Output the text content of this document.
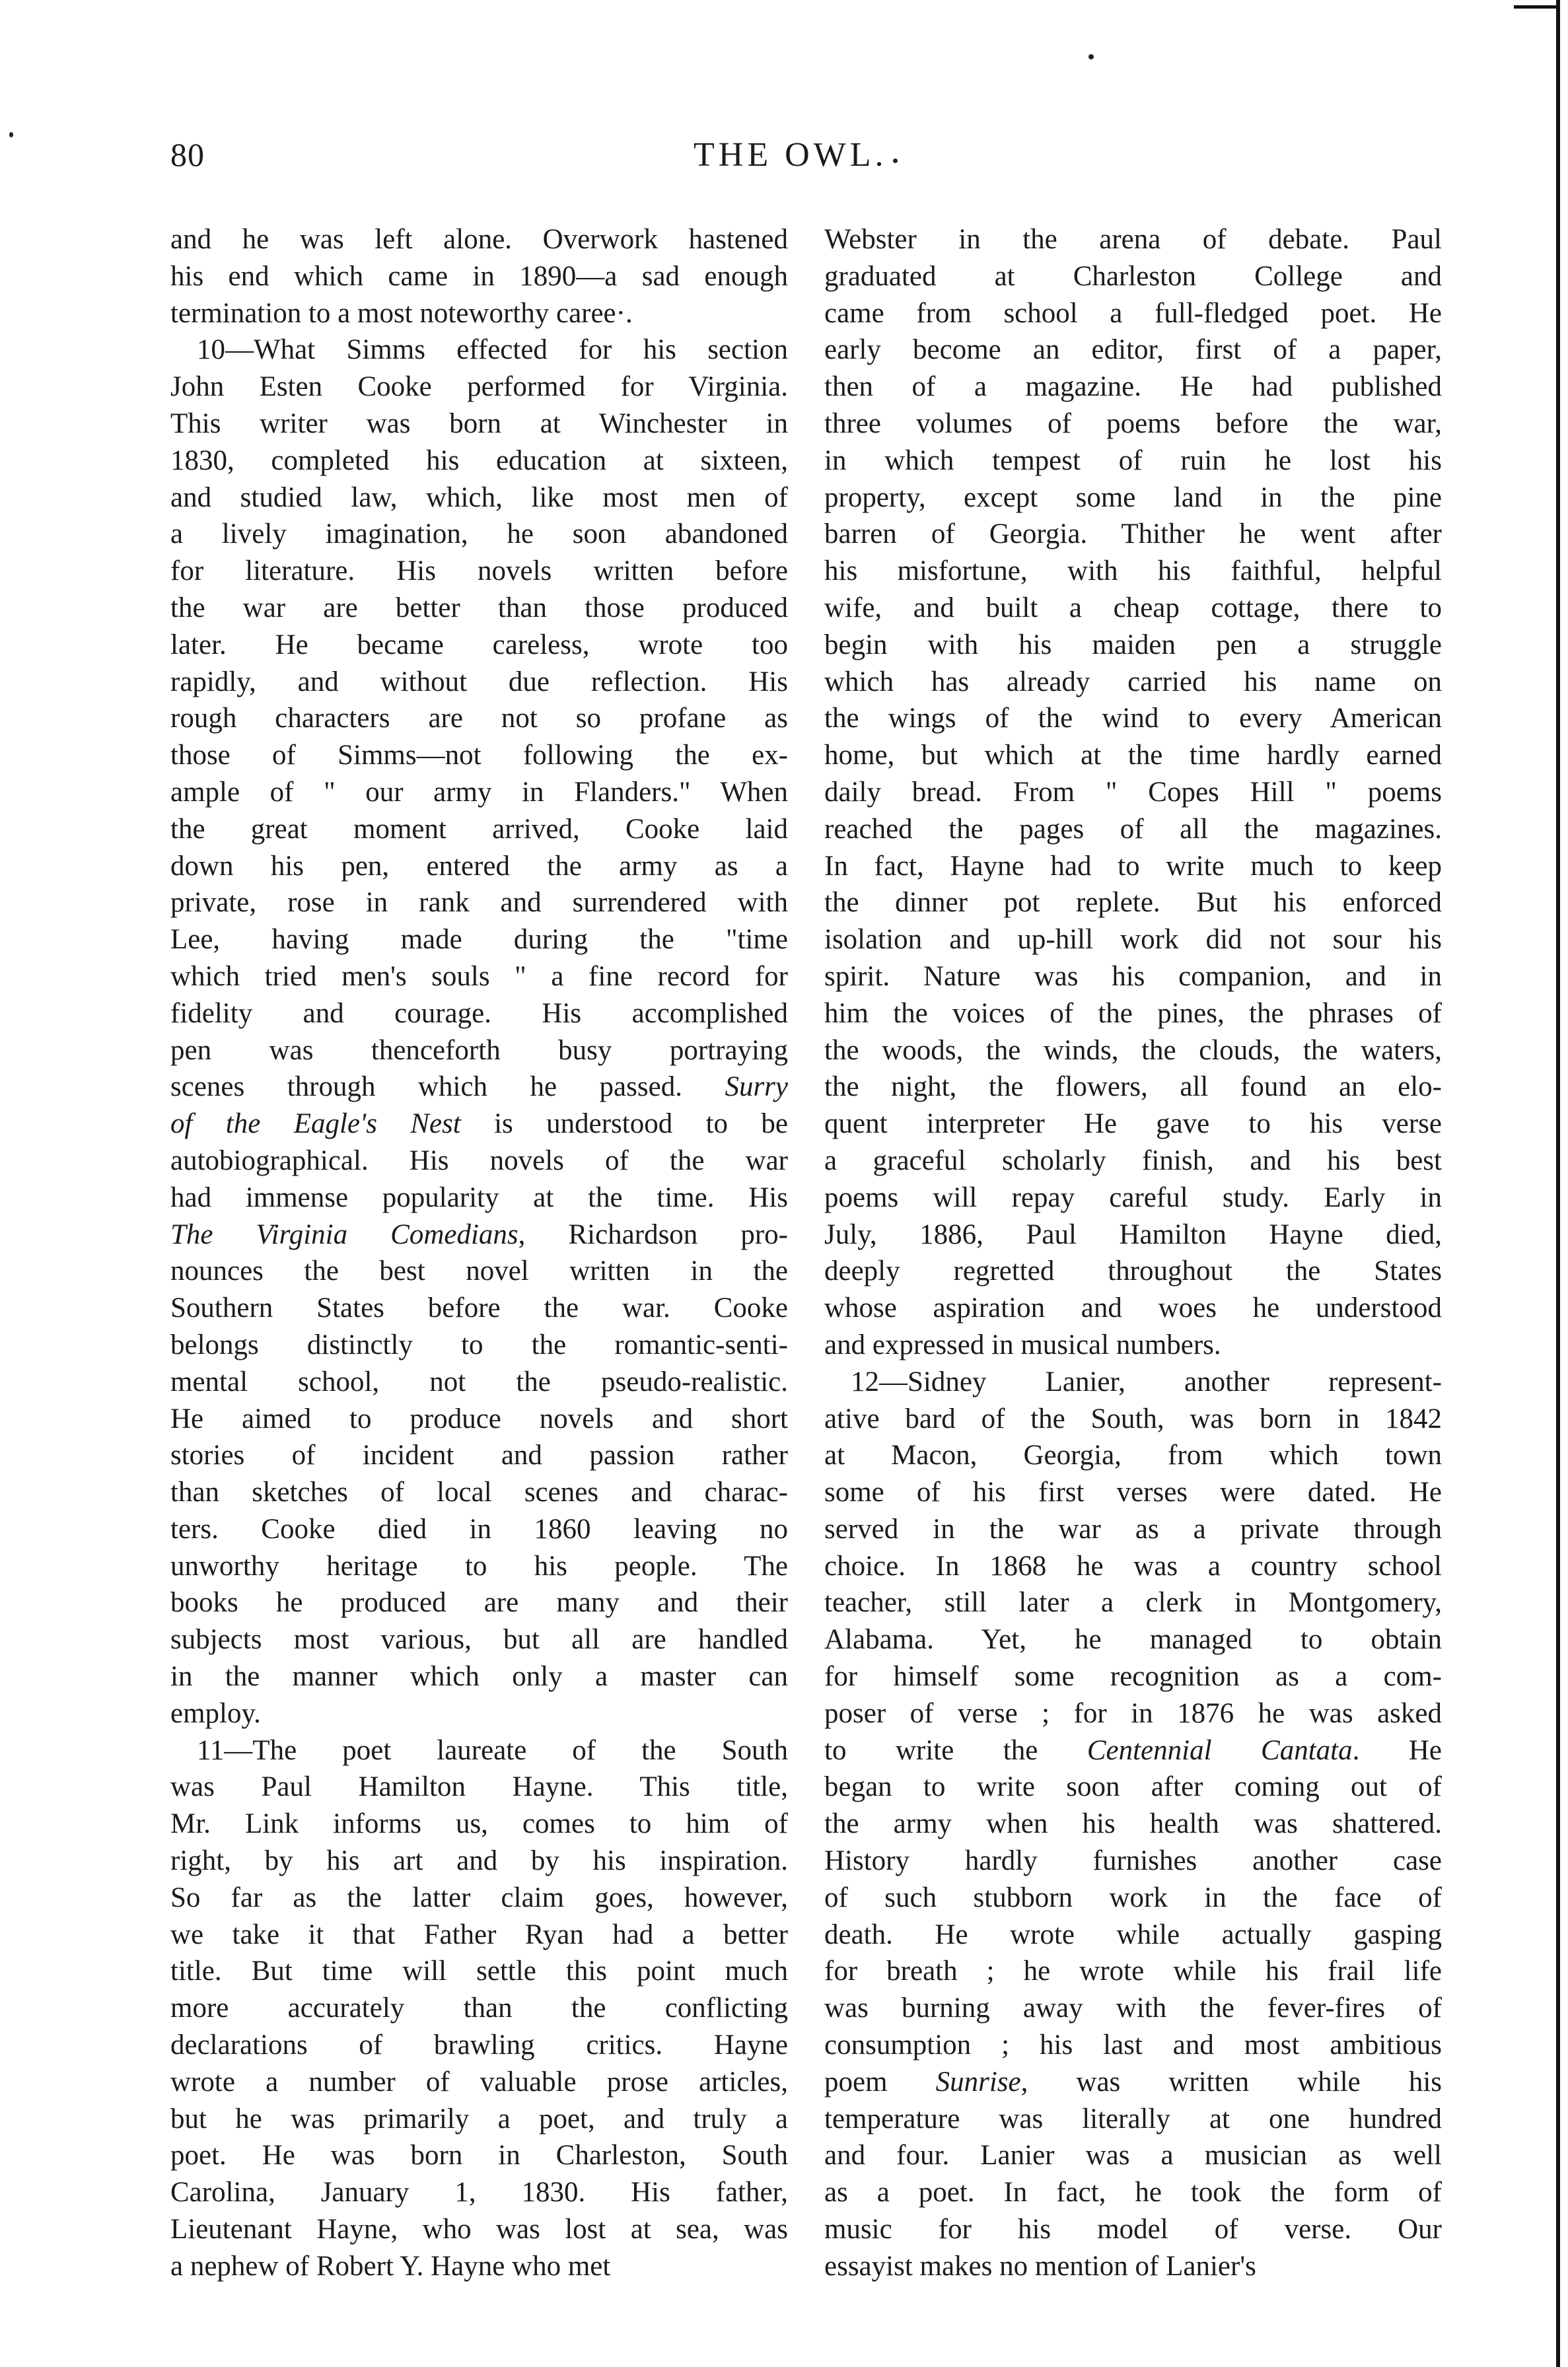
80	THE OWL.
and he was left alone. Overwork hastened
his end which came in 1890—a sad enough
termination to a most noteworthy caree·.
10—What Simms effected for his section
John Esten Cooke performed for Virginia.
This writer was born at Winchester in
1830, completed his education at sixteen,
and studied law, which, like most men of
a lively imagination, he soon abandoned
for literature. His novels written before
the war are better than those produced
later. He became careless, wrote too
rapidly, and without due reflection. His
rough characters are not so profane as
those of Simms—not following the ex-
ample of " our army in Flanders." When
the great moment arrived, Cooke laid
down his pen, entered the army as a
private, rose in rank and surrendered with
Lee, having made during the "time
which tried men's souls " a fine record for
fidelity and courage. His accomplished
pen was thenceforth busy portraying
scenes through which he passed. Surry
of the Eagle's Nest is understood to be
autobiographical. His novels of the war
had immense popularity at the time. His
The Virginia Comedians, Richardson pro-
nounces the best novel written in the
Southern States before the war. Cooke
belongs distinctly to the romantic-senti-
mental school, not the pseudo-realistic.
He aimed to produce novels and short
stories of incident and passion rather
than sketches of local scenes and charac-
ters. Cooke died in 1860 leaving no
unworthy heritage to his people. The
books he produced are many and their
subjects most various, but all are handled
in the manner which only a master can
employ.
11—The poet laureate of the South
was Paul Hamilton Hayne. This title,
Mr. Link informs us, comes to him of
right, by his art and by his inspiration.
So far as the latter claim goes, however,
we take it that Father Ryan had a better
title. But time will settle this point much
more accurately than the conflicting
declarations of brawling critics. Hayne
wrote a number of valuable prose articles,
but he was primarily a poet, and truly a
poet. He was born in Charleston, South
Carolina, January 1, 1830. His father,
Lieutenant Hayne, who was lost at sea, was
a nephew of Robert Y. Hayne who met
Webster in the arena of debate. Paul
graduated at Charleston College and
came from school a full-fledged poet. He
early become an editor, first of a paper,
then of a magazine. He had published
three volumes of poems before the war,
in which tempest of ruin he lost his
property, except some land in the pine
barren of Georgia. Thither he went after
his misfortune, with his faithful, helpful
wife, and built a cheap cottage, there to
begin with his maiden pen a struggle
which has already carried his name on
the wings of the wind to every American
home, but which at the time hardly earned
daily bread. From " Copes Hill " poems
reached the pages of all the magazines.
In fact, Hayne had to write much to keep
the dinner pot replete. But his enforced
isolation and up-hill work did not sour his
spirit. Nature was his companion, and in
him the voices of the pines, the phrases of
the woods, the winds, the clouds, the waters,
the night, the flowers, all found an elo-
quent interpreter He gave to his verse
a graceful scholarly finish, and his best
poems will repay careful study. Early in
July, 1886, Paul Hamilton Hayne died,
deeply regretted throughout the States
whose aspiration and woes he understood
and expressed in musical numbers.
12—Sidney Lanier, another represent-
ative bard of the South, was born in 1842
at Macon, Georgia, from which town
some of his first verses were dated. He
served in the war as a private through
choice. In 1868 he was a country school
teacher, still later a clerk in Montgomery,
Alabama. Yet, he managed to obtain
for himself some recognition as a com-
poser of verse ; for in 1876 he was asked
to write the Centennial Cantata. He
began to write soon after coming out of
the army when his health was shattered.
History hardly furnishes another case
of such stubborn work in the face of
death. He wrote while actually gasping
for breath ; he wrote while his frail life
was burning away with the fever-fires of
consumption ; his last and most ambitious
poem Sunrise, was written while his
temperature was literally at one hundred
and four. Lanier was a musician as well
as a poet. In fact, he took the form of
music for his model of verse. Our
essayist makes no mention of Lanier's
